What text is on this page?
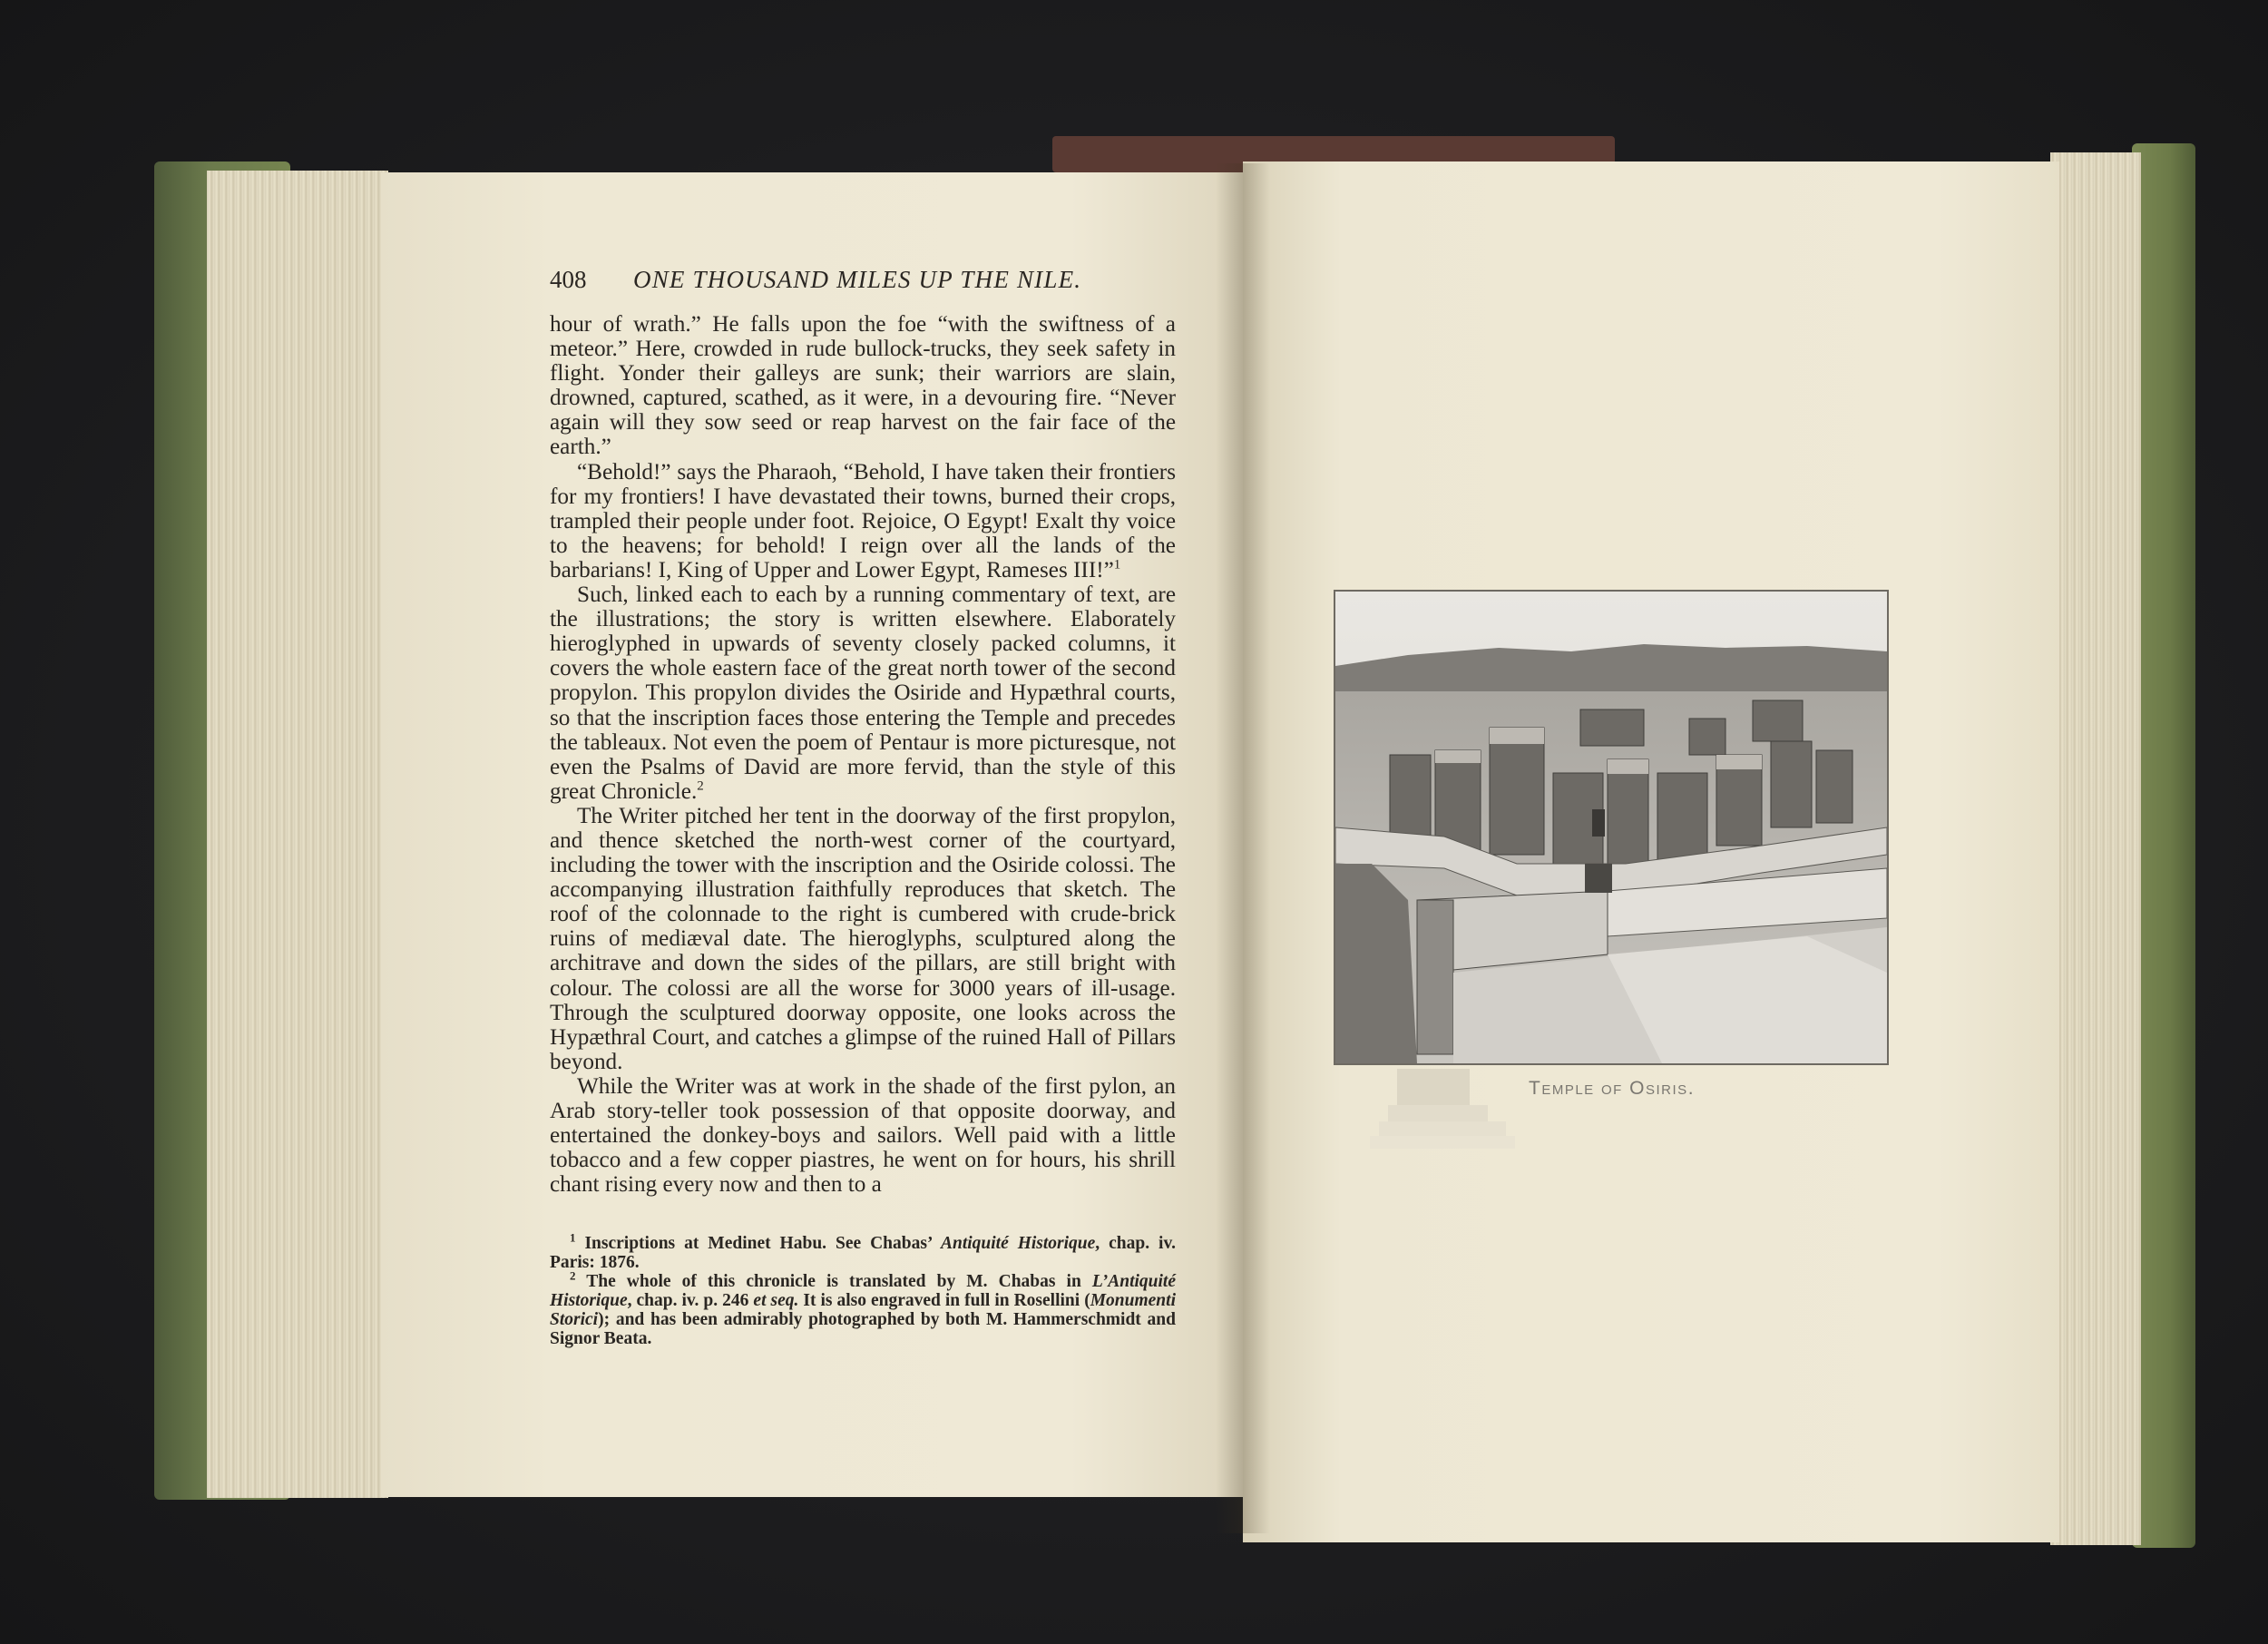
408 ONE THOUSAND MILES UP THE NILE.

hour of wrath.” He falls upon the foe “with the swiftness of a meteor.” Here, crowded in rude bullock-trucks, they seek safety in flight. Yonder their galleys are sunk; their warriors are slain, drowned, captured, scathed, as it were, in a devouring fire. “Never again will they sow seed or reap harvest on the fair face of the earth.”

“Behold!” says the Pharaoh, “Behold, I have taken their frontiers for my frontiers! I have devastated their towns, burned their crops, trampled their people under foot. Rejoice, O Egypt! Exalt thy voice to the heavens; for behold! I reign over all the lands of the barbarians! I, King of Upper and Lower Egypt, Rameses III!”$^1$

Such, linked each to each by a running commentary of text, are the illustrations; the story is written elsewhere. Elaborately hieroglyphed in upwards of seventy closely packed columns, it covers the whole eastern face of the great north tower of the second propylon. This propylon divides the Osiride and Hypæthral courts, so that the inscription faces those entering the Temple and precedes the tableaux. Not even the poem of Pentaur is more picturesque, not even the Psalms of David are more fervid, than the style of this great Chronicle.$^2$

The Writer pitched her tent in the doorway of the first propylon, and thence sketched the north-west corner of the courtyard, including the tower with the inscription and the Osiride colossi. The accompanying illustration faithfully reproduces that sketch. The roof of the colonnade to the right is cumbered with crude-brick ruins of mediæval date. The hieroglyphs, sculptured along the architrave and down the sides of the pillars, are still bright with colour. The colossi are all the worse for 3000 years of ill-usage. Through the sculptured doorway opposite, one looks across the Hypæthral Court, and catches a glimpse of the ruined Hall of Pillars beyond.

While the Writer was at work in the shade of the first pylon, an Arab story-teller took possession of that opposite doorway, and entertained the donkey-boys and sailors. Well paid with a little tobacco and a few copper piastres, he went on for hours, his shrill chant rising every now and then to a

$^1$ Inscriptions at Medinet Habu. See Chabas’ Antiquité Historique, chap. iv. Paris: 1876.

$^2$ The whole of this chronicle is translated by M. Chabas in L’Antiquité Historique, chap. iv. p. 246 et seq. It is also engraved in full in Rosellini (Monumenti Storici); and has been admirably photographed by both M. Hammerschmidt and Signor Beata.

Temple of Osiris.
